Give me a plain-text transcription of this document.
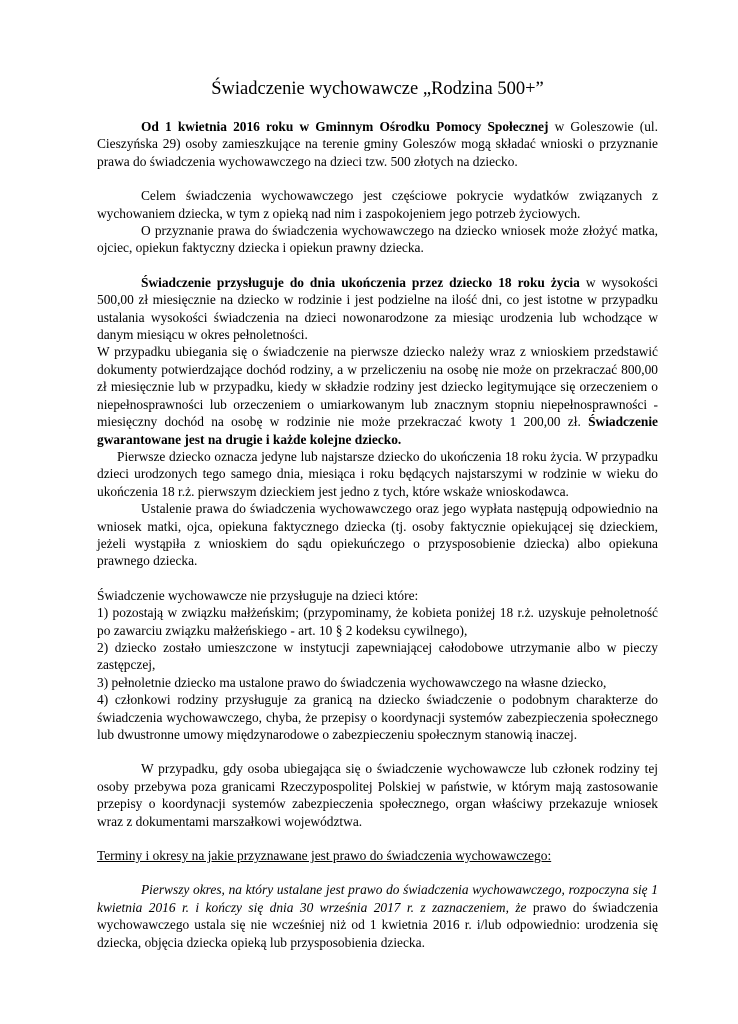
Świadczenie wychowawcze „Rodzina 500+”

Od 1 kwietnia 2016 roku w Gminnym Ośrodku Pomocy Społecznej w Goleszowie (ul. Cieszyńska 29) osoby zamieszkujące na terenie gminy Goleszów mogą składać wnioski o przyznanie prawa do świadczenia wychowawczego na dzieci tzw. 500 złotych na dziecko.

Celem świadczenia wychowawczego jest częściowe pokrycie wydatków związanych z wychowaniem dziecka, w tym z opieką nad nim i zaspokojeniem jego potrzeb życiowych.

O przyznanie prawa do świadczenia wychowawczego na dziecko wniosek może złożyć matka, ojciec, opiekun faktyczny dziecka i opiekun prawny dziecka.

Świadczenie przysługuje do dnia ukończenia przez dziecko 18 roku życia w wysokości 500,00 zł miesięcznie na dziecko w rodzinie i jest podzielne na ilość dni, co jest istotne w przypadku ustalania wysokości świadczenia na dzieci nowonarodzone za miesiąc urodzenia lub wchodzące w danym miesiącu w okres pełnoletności.

W przypadku ubiegania się o świadczenie na pierwsze dziecko należy wraz z wnioskiem przedstawić dokumenty potwierdzające dochód rodziny, a w przeliczeniu na osobę nie może on przekraczać 800,00 zł miesięcznie lub w przypadku, kiedy w składzie rodziny jest dziecko legitymujące się orzeczeniem o niepełnosprawności lub orzeczeniem o umiarkowanym lub znacznym stopniu niepełnosprawności - miesięczny dochód na osobę w rodzinie nie może przekraczać kwoty 1 200,00 zł. Świadczenie gwarantowane jest na drugie i każde kolejne dziecko.

Pierwsze dziecko oznacza jedyne lub najstarsze dziecko do ukończenia 18 roku życia. W przypadku dzieci urodzonych tego samego dnia, miesiąca i roku będących najstarszymi w rodzinie w wieku do ukończenia 18 r.ż. pierwszym dzieckiem jest jedno z tych, które wskaże wnioskodawca.

Ustalenie prawa do świadczenia wychowawczego oraz jego wypłata następują odpowiednio na wniosek matki, ojca, opiekuna faktycznego dziecka (tj. osoby faktycznie opiekującej się dzieckiem, jeżeli wystąpiła z wnioskiem do sądu opiekuńczego o przysposobienie dziecka) albo opiekuna prawnego dziecka.

Świadczenie wychowawcze nie przysługuje na dzieci które:

1) pozostają w związku małżeńskim; (przypominamy, że kobieta poniżej 18 r.ż. uzyskuje pełnoletność po zawarciu związku małżeńskiego - art. 10 § 2 kodeksu cywilnego),

2) dziecko zostało umieszczone w instytucji zapewniającej całodobowe utrzymanie albo w pieczy zastępczej,

3) pełnoletnie dziecko ma ustalone prawo do świadczenia wychowawczego na własne dziecko,

4) członkowi rodziny przysługuje za granicą na dziecko świadczenie o podobnym charakterze do świadczenia wychowawczego, chyba, że przepisy o koordynacji systemów zabezpieczenia społecznego lub dwustronne umowy międzynarodowe o zabezpieczeniu społecznym stanowią inaczej.

W przypadku, gdy osoba ubiegająca się o świadczenie wychowawcze lub członek rodziny tej osoby przebywa poza granicami Rzeczypospolitej Polskiej w państwie, w którym mają zastosowanie przepisy o koordynacji systemów zabezpieczenia społecznego, organ właściwy przekazuje wniosek wraz z dokumentami marszałkowi województwa.

Terminy i okresy na jakie przyznawane jest prawo do świadczenia wychowawczego:

Pierwszy okres, na który ustalane jest prawo do świadczenia wychowawczego, rozpoczyna się 1 kwietnia 2016 r. i kończy się dnia 30 września 2017 r. z zaznaczeniem, że prawo do świadczenia wychowawczego ustala się nie wcześniej niż od 1 kwietnia 2016 r. i/lub odpowiednio: urodzenia się dziecka, objęcia dziecka opieką lub przysposobienia dziecka.
